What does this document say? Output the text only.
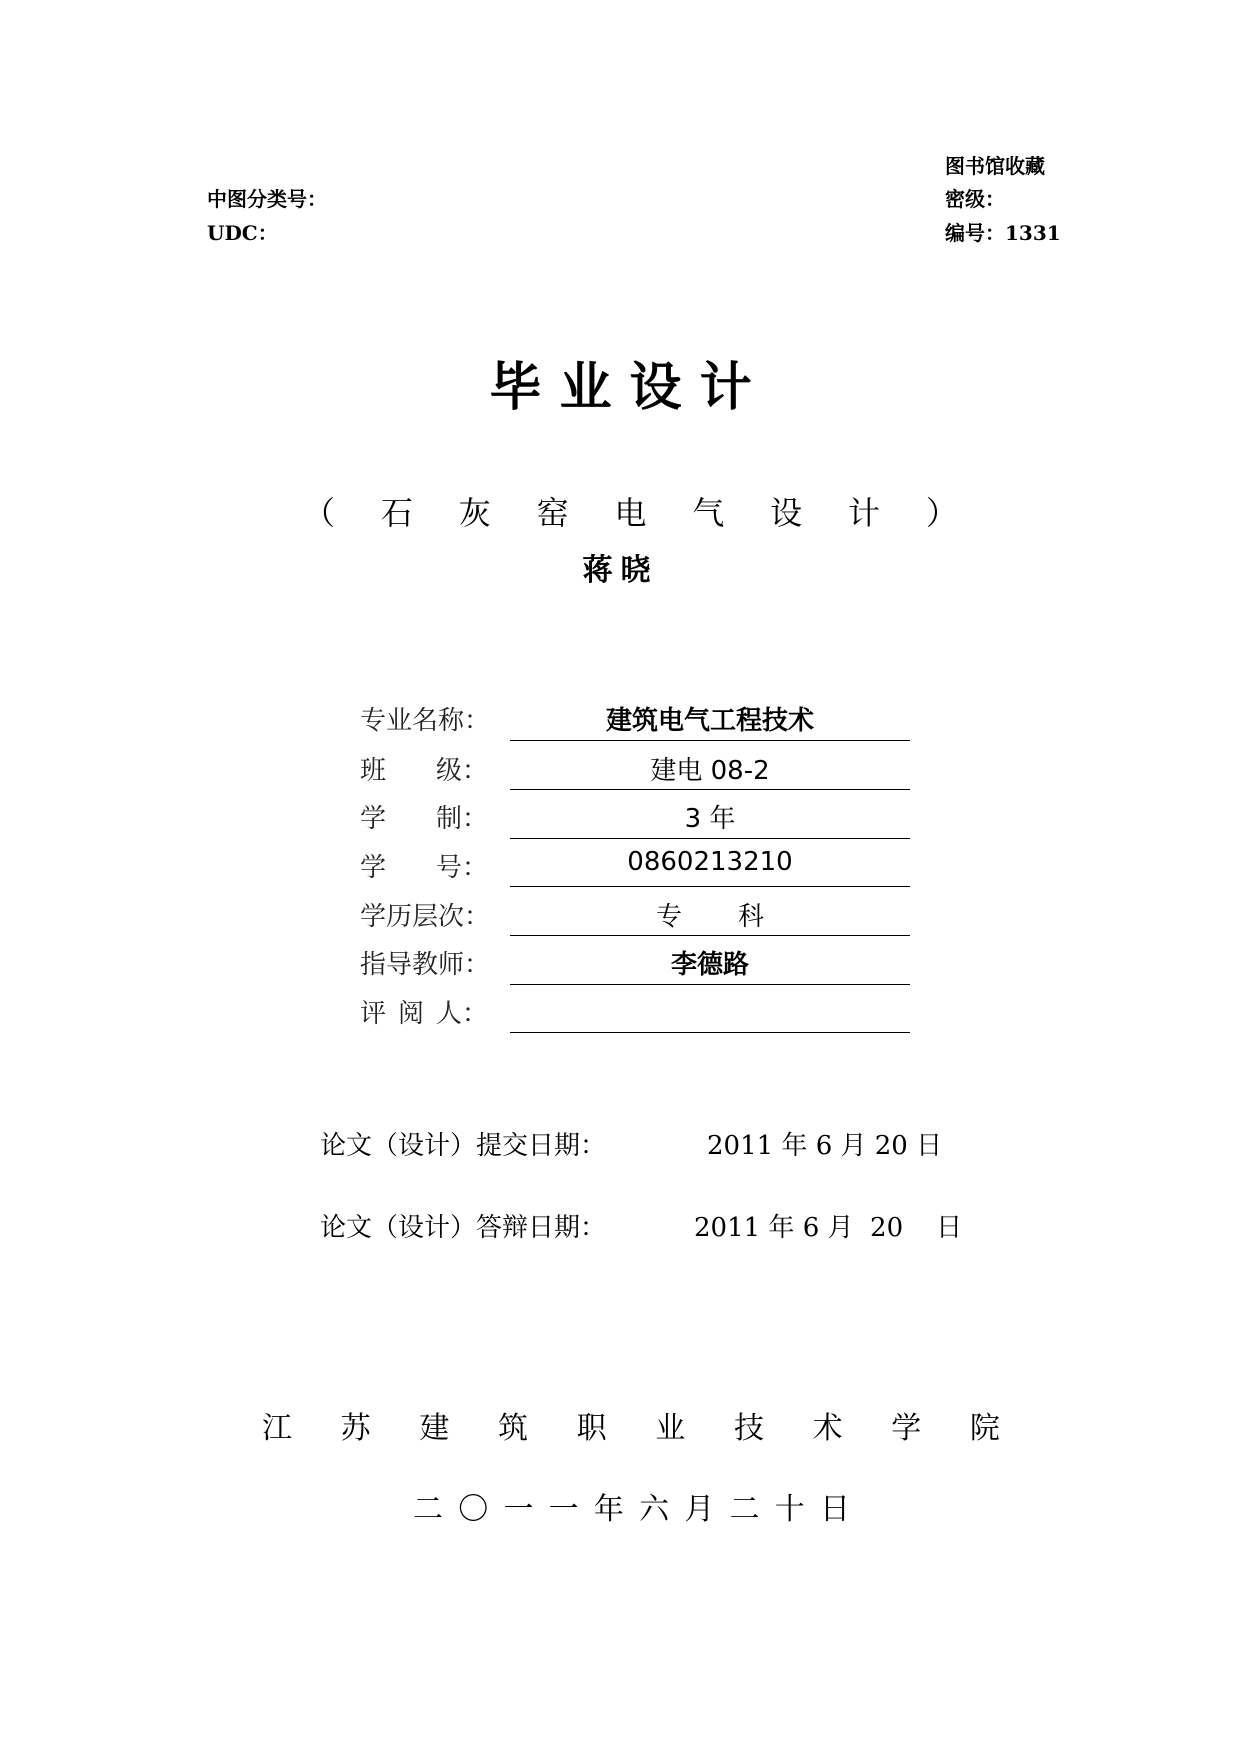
图书馆收藏
中图分类号：	密级：
UDC：	编号：1331
毕 业 设 计
（ 石 灰 窑 电 气 设 计 ）
蒋晓
专业名称：	建筑电气工程技术
班 级：	建电 08-2
学 制：	3 年
学 号：	0860213210
学历层次：	专 科
指导教师：	李德路
评 阅 人：
论文（设计）提交日期：	2011 年 6 月 20 日
论文（设计）答辩日期：	2011 年 6 月  20    日
江 苏 建 筑 职 业 技 术 学 院
二 〇 一 一 年 六 月 二 十 日
